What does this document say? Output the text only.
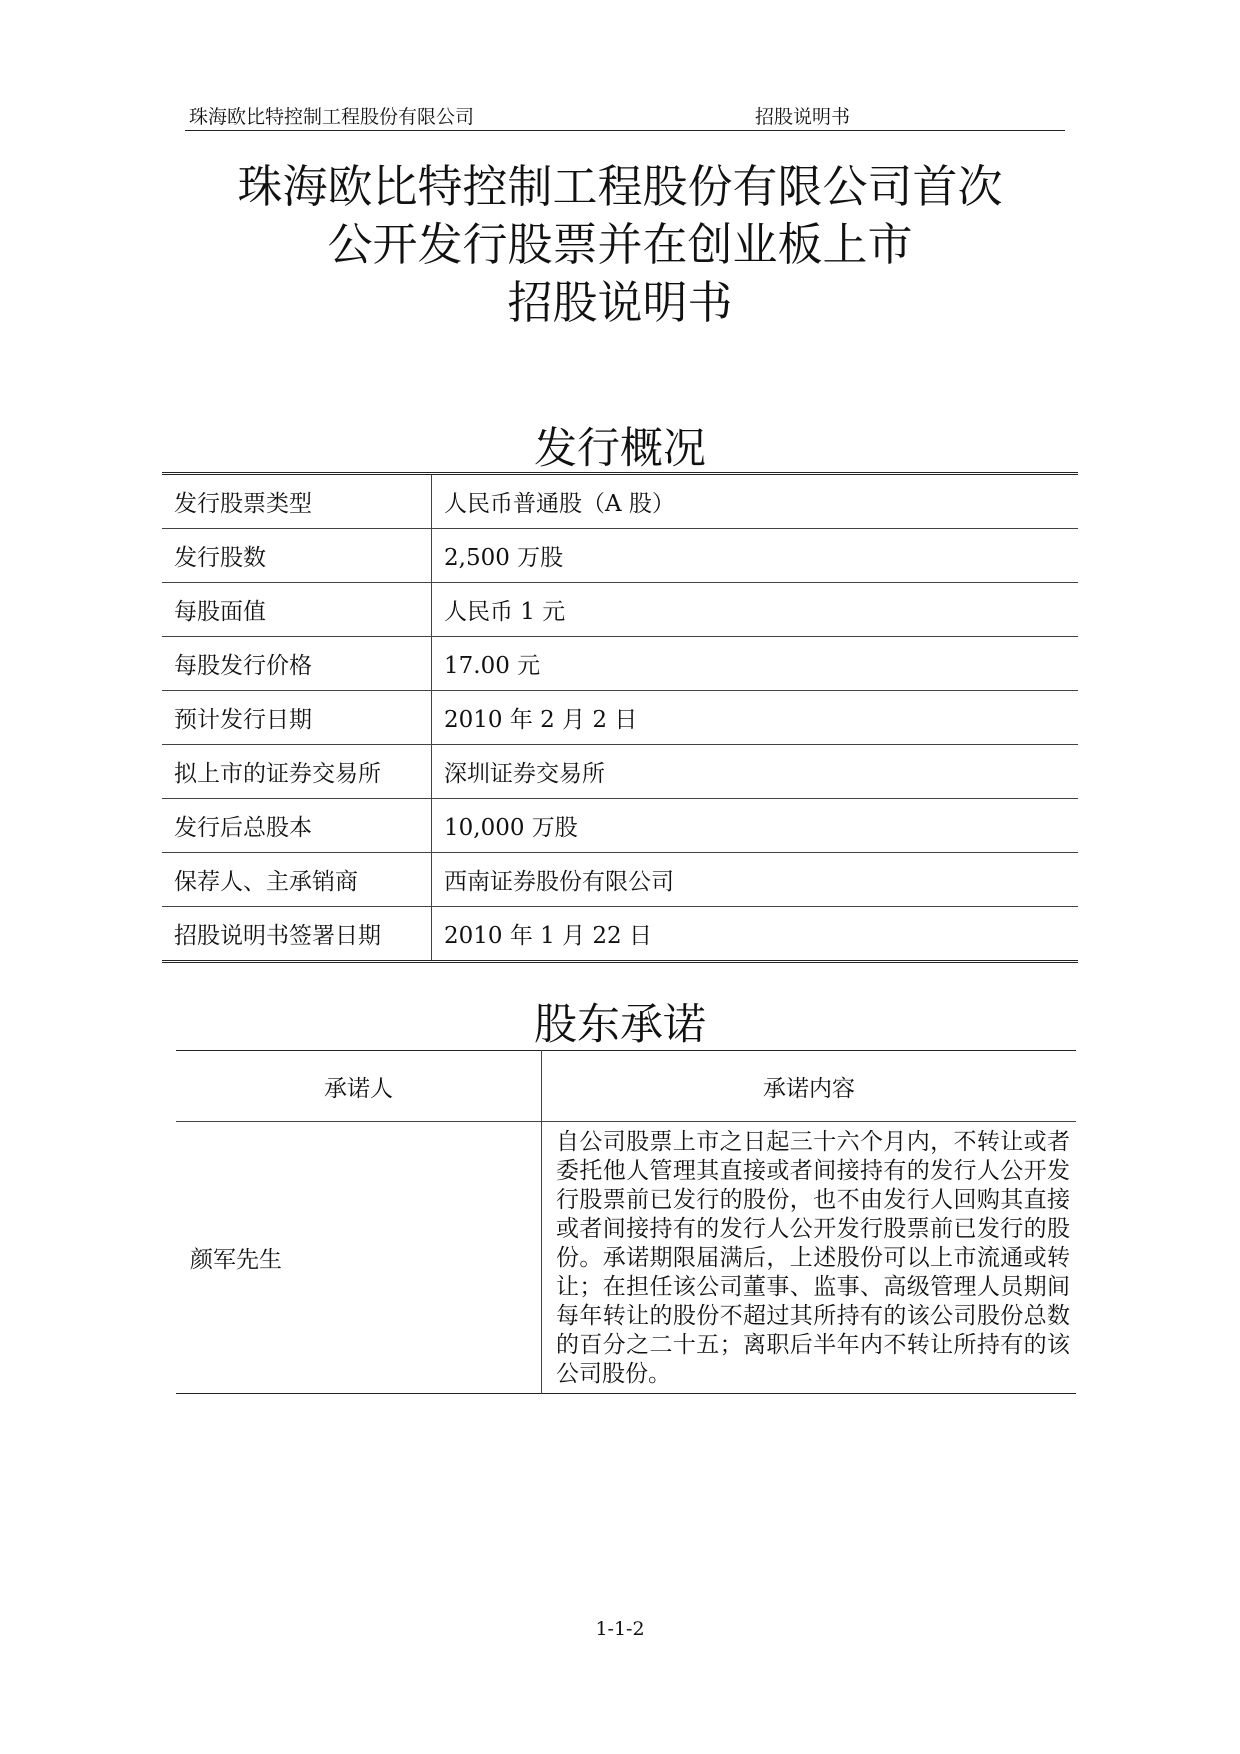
珠海欧比特控制工程股份有限公司	招股说明书
珠海欧比特控制工程股份有限公司首次
公开发行股票并在创业板上市
招股说明书
发行概况
发行股票类型	人民币普通股（A 股）
发行股数	2,500 万股
每股面值	人民币 1 元
每股发行价格	17.00 元
预计发行日期	2010 年 2 月 2 日
拟上市的证券交易所	深圳证券交易所
发行后总股本	10,000 万股
保荐人、主承销商	西南证券股份有限公司
招股说明书签署日期	2010 年 1 月 22 日
股东承诺
承诺人	承诺内容
颜军先生	自公司股票上市之日起三十六个月内，不转让或者委托他人管理其直接或者间接持有的发行人公开发行股票前已发行的股份，也不由发行人回购其直接或者间接持有的发行人公开发行股票前已发行的股份。承诺期限届满后，上述股份可以上市流通或转让；在担任该公司董事、监事、高级管理人员期间每年转让的股份不超过其所持有的该公司股份总数的百分之二十五；离职后半年内不转让所持有的该公司股份。
1-1-2
